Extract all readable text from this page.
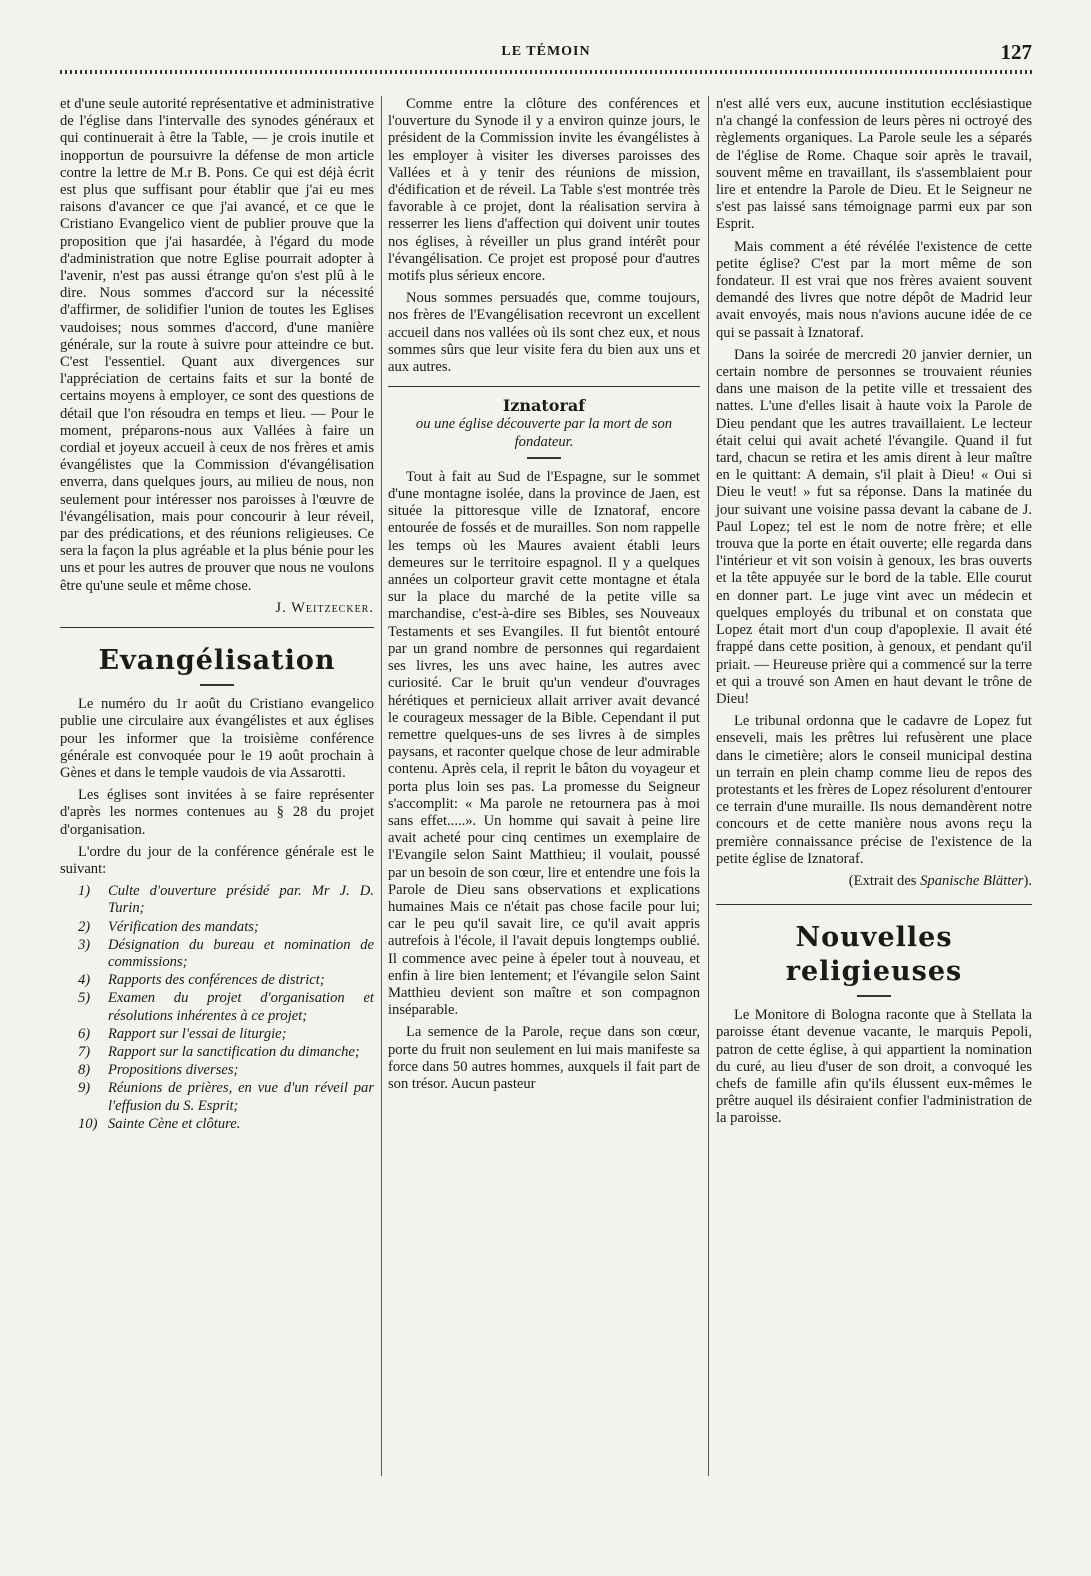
LE TÉMOIN	127

et d'une seule autorité représentative et administrative de l'église dans l'intervalle des synodes généraux et qui continuerait à être la Table, — je crois inutile et inopportun de poursuivre la défense de mon article contre la lettre de M.r B. Pons. Ce qui est déjà écrit est plus que suffisant pour établir que j'ai eu mes raisons d'avancer ce que j'ai avancé, et ce que le Cristiano Evangelico vient de publier prouve que la proposition que j'ai hasardée, à l'égard du mode d'administration que notre Eglise pourrait adopter à l'avenir, n'est pas aussi étrange qu'on s'est plû à le dire. Nous sommes d'accord sur la nécessité d'affirmer, de solidifier l'union de toutes les Eglises vaudoises; nous sommes d'accord, d'une manière générale, sur la route à suivre pour atteindre ce but. C'est l'essentiel. Quant aux divergences sur l'appréciation de certains faits et sur la bonté de certains moyens à employer, ce sont des questions de détail que l'on résoudra en temps et lieu. — Pour le moment, préparons-nous aux Vallées à faire un cordial et joyeux accueil à ceux de nos frères et amis évangélistes que la Commission d'évangélisation enverra, dans quelques jours, au milieu de nous, non seulement pour intéresser nos paroisses à l'œuvre de l'évangélisation, mais pour concourir à leur réveil, par des prédications, et des réunions religieuses. Ce sera la façon la plus agréable et la plus bénie pour les uns et pour les autres de prouver que nous ne voulons être qu'une seule et même chose.

J. Weitzecker.
Evangélisation

Le numéro du 1r août du Cristiano evangelico publie une circulaire aux évangélistes et aux églises pour les informer que la troisième conférence générale est convoquée pour le 19 août prochain à Gènes et dans le temple vaudois de via Assarotti.

Les églises sont invitées à se faire représenter d'après les normes contenues au § 28 du projet d'organisation.

L'ordre du jour de la conférence générale est le suivant:

1) Culte d'ouverture présidé par. Mr J. D. Turin;
2) Vérification des mandats;
3) Désignation du bureau et nomination de commissions;
4) Rapports des conférences de district;
5) Examen du projet d'organisation et résolutions inhérentes à ce projet;
6) Rapport sur l'essai de liturgie;
7) Rapport sur la sanctification du dimanche;
8) Propositions diverses;
9) Réunions de prières, en vue d'un réveil par l'effusion du S. Esprit;
10) Sainte Cène et clôture.

Comme entre la clôture des conférences et l'ouverture du Synode il y a environ quinze jours, le président de la Commission invite les évangélistes à les employer à visiter les diverses paroisses des Vallées et à y tenir des réunions de mission, d'édification et de réveil. La Table s'est montrée très favorable à ce projet, dont la réalisation servira à resserrer les liens d'affection qui doivent unir toutes nos églises, à réveiller un plus grand intérêt pour l'évangélisation. Ce projet est proposé pour d'autres motifs plus sérieux encore.

Nous sommes persuadés que, comme toujours, nos frères de l'Evangélisation recevront un excellent accueil dans nos vallées où ils sont chez eux, et nous sommes sûrs que leur visite fera du bien aux uns et aux autres.

Iznatoraf
ou une église découverte par la mort de son fondateur.

Tout à fait au Sud de l'Espagne, sur le sommet d'une montagne isolée, dans la province de Jaen, est située la pittoresque ville de Iznatoraf, encore entourée de fossés et de murailles. Son nom rappelle les temps où les Maures avaient établi leurs demeures sur le territoire espagnol. Il y a quelques années un colporteur gravit cette montagne et étala sur la place du marché de la petite ville sa marchandise, c'est-à-dire ses Bibles, ses Nouveaux Testaments et ses Evangiles. Il fut bientôt entouré par un grand nombre de personnes qui regardaient ses livres, les uns avec haine, les autres avec curiosité. Car le bruit qu'un vendeur d'ouvrages hérétiques et pernicieux allait arriver avait devancé le courageux messager de la Bible. Cependant il put remettre quelques-uns de ses livres à de simples paysans, et raconter quelque chose de leur admirable contenu. Après cela, il reprit le bâton du voyageur et porta plus loin ses pas. La promesse du Seigneur s'accomplit: « Ma parole ne retournera pas à moi sans effet.....». Un homme qui savait à peine lire avait acheté pour cinq centimes un exemplaire de l'Evangile selon Saint Matthieu; il voulait, poussé par un besoin de son cœur, lire et entendre une fois la Parole de Dieu sans observations et explications humaines Mais ce n'était pas chose facile pour lui; car le peu qu'il savait lire, ce qu'il avait appris autrefois à l'école, il l'avait depuis longtemps oublié. Il commence avec peine à épeler tout à nouveau, et enfin à lire bien lentement; et l'évangile selon Saint Matthieu devient son maître et son compagnon inséparable.

La semence de la Parole, reçue dans son cœur, porte du fruit non seulement en lui mais manifeste sa force dans 50 autres hommes, auxquels il fait part de son trésor. Aucun pasteur

n'est allé vers eux, aucune institution ecclésiastique n'a changé la confession de leurs pères ni octroyé des règlements organiques. La Parole seule les a séparés de l'église de Rome. Chaque soir après le travail, souvent même en travaillant, ils s'assemblaient pour lire et entendre la Parole de Dieu. Et le Seigneur ne s'est pas laissé sans témoignage parmi eux par son Esprit.

Mais comment a été révélée l'existence de cette petite église? C'est par la mort même de son fondateur. Il est vrai que nos frères avaient souvent demandé des livres que notre dépôt de Madrid leur avait envoyés, mais nous n'avions aucune idée de ce qui se passait à Iznatoraf.

Dans la soirée de mercredi 20 janvier dernier, un certain nombre de personnes se trouvaient réunies dans une maison de la petite ville et tressaient des nattes. L'une d'elles lisait à haute voix la Parole de Dieu pendant que les autres travaillaient. Le lecteur était celui qui avait acheté l'évangile. Quand il fut tard, chacun se retira et les amis dirent à leur maître en le quittant: A demain, s'il plait à Dieu! « Oui si Dieu le veut! » fut sa réponse. Dans la matinée du jour suivant une voisine passa devant la cabane de J. Paul Lopez; tel est le nom de notre frère; et elle trouva que la porte en était ouverte; elle regarda dans l'intérieur et vit son voisin à genoux, les bras ouverts et la tête appuyée sur le bord de la table. Elle courut en donner part. Le juge vint avec un médecin et quelques employés du tribunal et on constata que Lopez était mort d'un coup d'apoplexie. Il avait été frappé dans cette position, à genoux, et pendant qu'il priait. — Heureuse prière qui a commencé sur la terre et qui a trouvé son Amen en haut devant le trône de Dieu!

Le tribunal ordonna que le cadavre de Lopez fut enseveli, mais les prêtres lui refusèrent une place dans le cimetière; alors le conseil municipal destina un terrain en plein champ comme lieu de repos des protestants et les frères de Lopez résolurent d'entourer ce terrain d'une muraille. Ils nous demandèrent notre concours et de cette manière nous avons reçu la première connaissance précise de l'existence de la petite église de Iznatoraf.

(Extrait des Spanische Blätter).
Nouvelles religieuses

Le Monitore di Bologna raconte que à Stellata la paroisse étant devenue vacante, le marquis Pepoli, patron de cette église, à qui appartient la nomination du curé, au lieu d'user de son droit, a convoqué les chefs de famille afin qu'ils élussent eux-mêmes le prêtre auquel ils désiraient confier l'administration de la paroisse.
